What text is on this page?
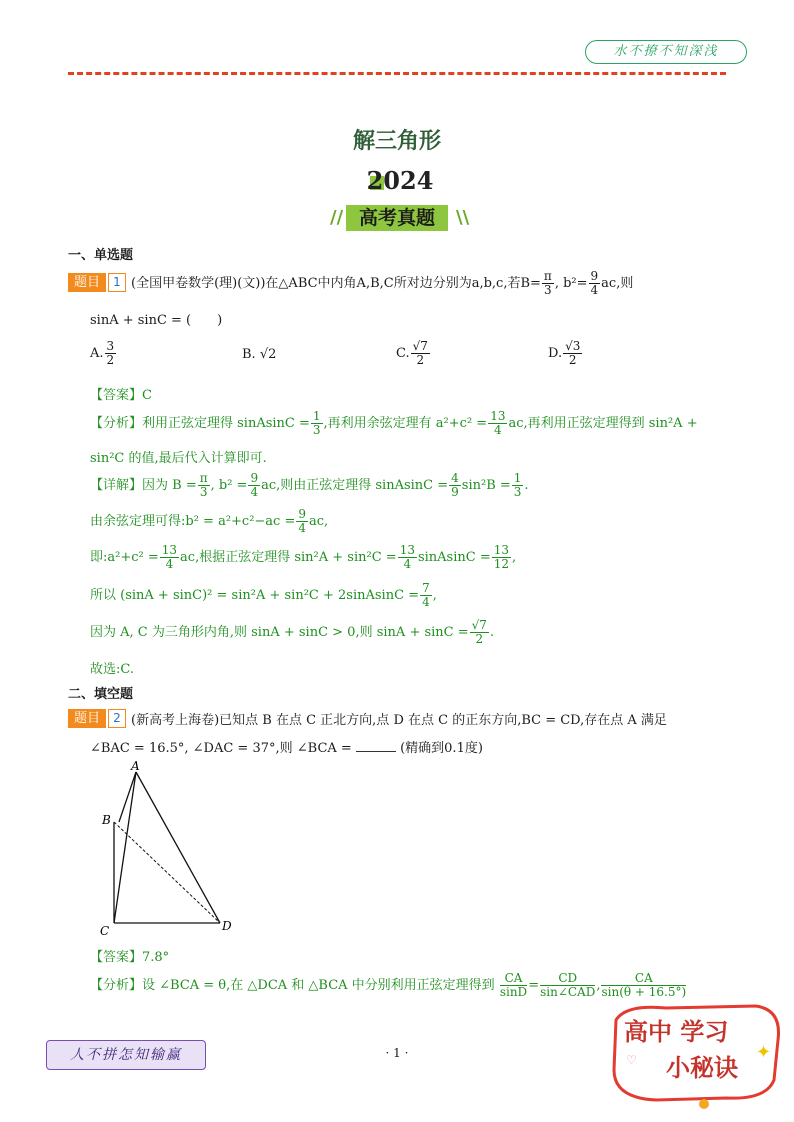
水不撩不知深浅
解三角形
2024
// 高考真题	\\
一、单选题
题目	1 (全国甲卷数学(理)(文))在△ABC中内角A,B,C所对边分别为a,b,c,若$B= \frac{\pi}{3}$ , $b^2= \frac{9}{4}$ ac,则
sinA + sinC = (　　)
A. $\frac{3}{2}$	B. √2	C. $\frac{√7}{2}$	D. $\frac{√3}{2}$
【答案】C
【分析】利用正弦定理得 sinAsinC = $\frac{1}{3}$ ,再利用余弦定理有 $a^2+c^2 = \frac{13}{4}$ ac,再利用正弦定理得到 sin²A +
sin²C 的值,最后代入计算即可.
【详解】因为 $B = \frac{\pi}{3}$ , $b^2 = \frac{9}{4}$ ac,则由正弦定理得 sinAsinC = $\frac{4}{9} \sin^2B = \frac{1}{3}$ .
由余弦定理可得:b² = $a^2+c^2-ac = \frac{9}{4}$ ac,
即:a²+c² = $\frac{13}{4}$ ac,根据正弦定理得 $\sin^2A + \sin^2C = \frac{13}{4}$ sinAsinC = $\frac{13}{12}$ ,
所以 (sinA + sinC)² = sin²A + sin²C + 2sinAsinC = $\frac{7}{4}$ ,
因为 A, C 为三角形内角,则 sinA + sinC > 0,则 $\sin A + \sin C = \frac{√7}{2}$ .
故选:C.
二、填空题
题目	2 (新高考上海卷)已知点 B 在点 C 正北方向,点 D 在点 C 的正东方向,BC = CD,存在点 A 满足
∠BAC = 16.5°, ∠DAC = 37°,则 ∠BCA =	(精确到0.1度)
A
B
C	D
【答案】7.8°
【分析】设 ∠BCA = θ,在 △DCA 和 △BCA 中分别利用正弦定理得到 $\frac{CA}{\sin D} = \frac{CD}{\text{sin∠CAD}}$ , $\frac{CA}{\sin(\theta + 16.5^\circ)}$
人不拼怎知输赢	· 1 ·
高中 学习
小秘诀
✦
♡
